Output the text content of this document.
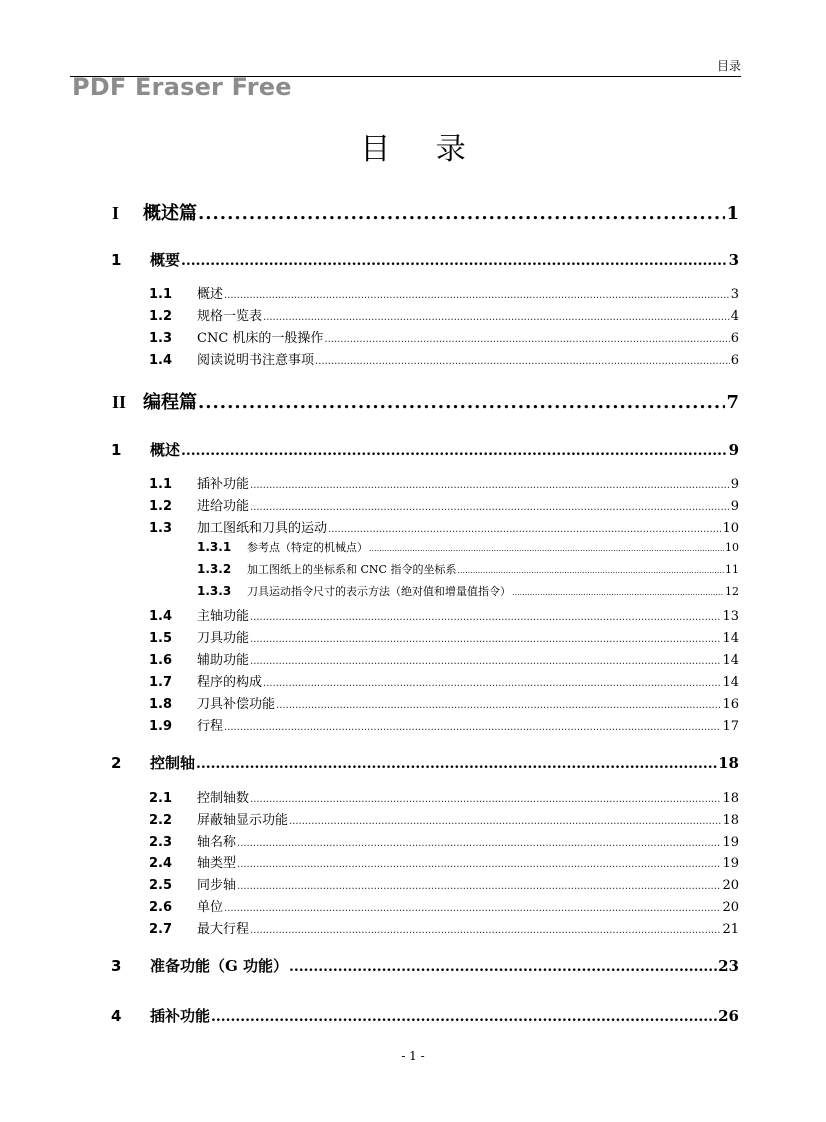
目录
PDF Eraser Free
目 录
I	概述篇 .....	1
1	概要 .....	3
1.1	概述 .....	3
1.2	规格一览表 .....	4
1.3	CNC 机床的一般操作 .....	6
1.4	阅读说明书注意事项 .....	6
II 编程篇 .....	7
1	概述 .....	9
1.1	插补功能 .....	9
1.2	进给功能 .....	9
1.3	加工图纸和刀具的运动 .....	10
1.3.1	参考点（特定的机械点） .....	10
1.3.2	加工图纸上的坐标系和 CNC 指令的坐标系 .....	11
1.3.3	刀具运动指令尺寸的表示方法（绝对值和增量值指令） .....	12
1.4	主轴功能 .....	13
1.5	刀具功能 .....	14
1.6	辅助功能 .....	14
1.7	程序的构成 .....	14
1.8	刀具补偿功能 .....	16
1.9	行程 .....	17
2	控制轴 .....	18
2.1	控制轴数 .....	18
2.2	屏蔽轴显示功能 .....	18
2.3	轴名称 .....	19
2.4	轴类型 .....	19
2.5	同步轴 .....	20
2.6	单位 .....	20
2.7	最大行程 .....	21
3	准备功能（G 功能） .....	23
4	插补功能 .....	26
- 1 -
